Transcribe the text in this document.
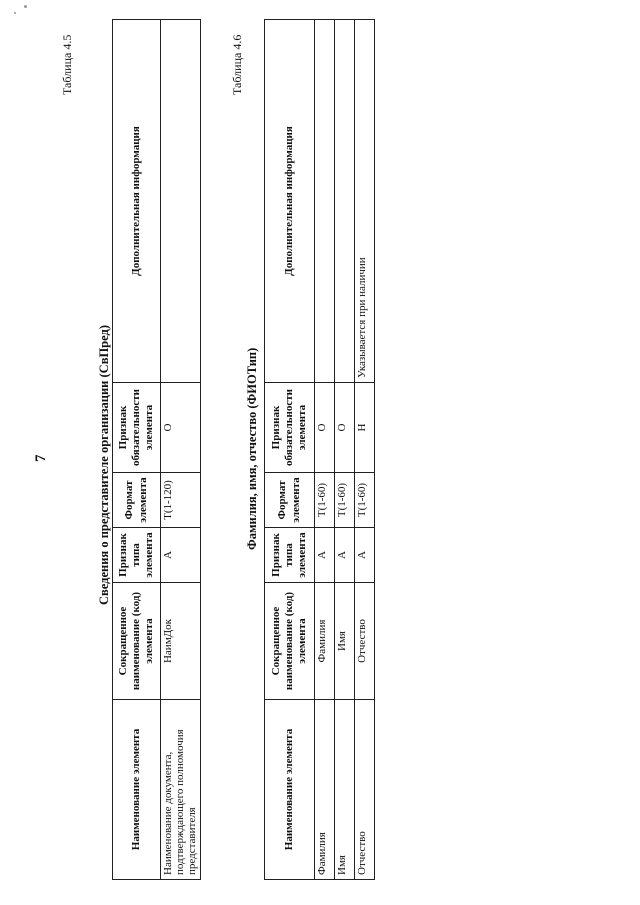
7
Таблица 4.5
Сведения о представителе организации (СвПред)
Наименование элемента	Сокращенное наименование (код) элемента	Признак типа элемента	Формат элемента	Признак обязательности элемента	Дополнительная информация
Наименование документа, подтверждающего полномочия представителя	НаимДок	А	Т(1-120)	О	
Таблица 4.6
Фамилия, имя, отчество (ФИОТип)
Наименование элемента	Сокращенное наименование (код) элемента	Признак типа элемента	Формат элемента	Признак обязательности элемента	Дополнительная информация
Фамилия	Фамилия	А	Т(1-60)	О	
Имя	Имя	А	Т(1-60)	О	
Отчество	Отчество	А	Т(1-60)	Н	Указывается при наличии
